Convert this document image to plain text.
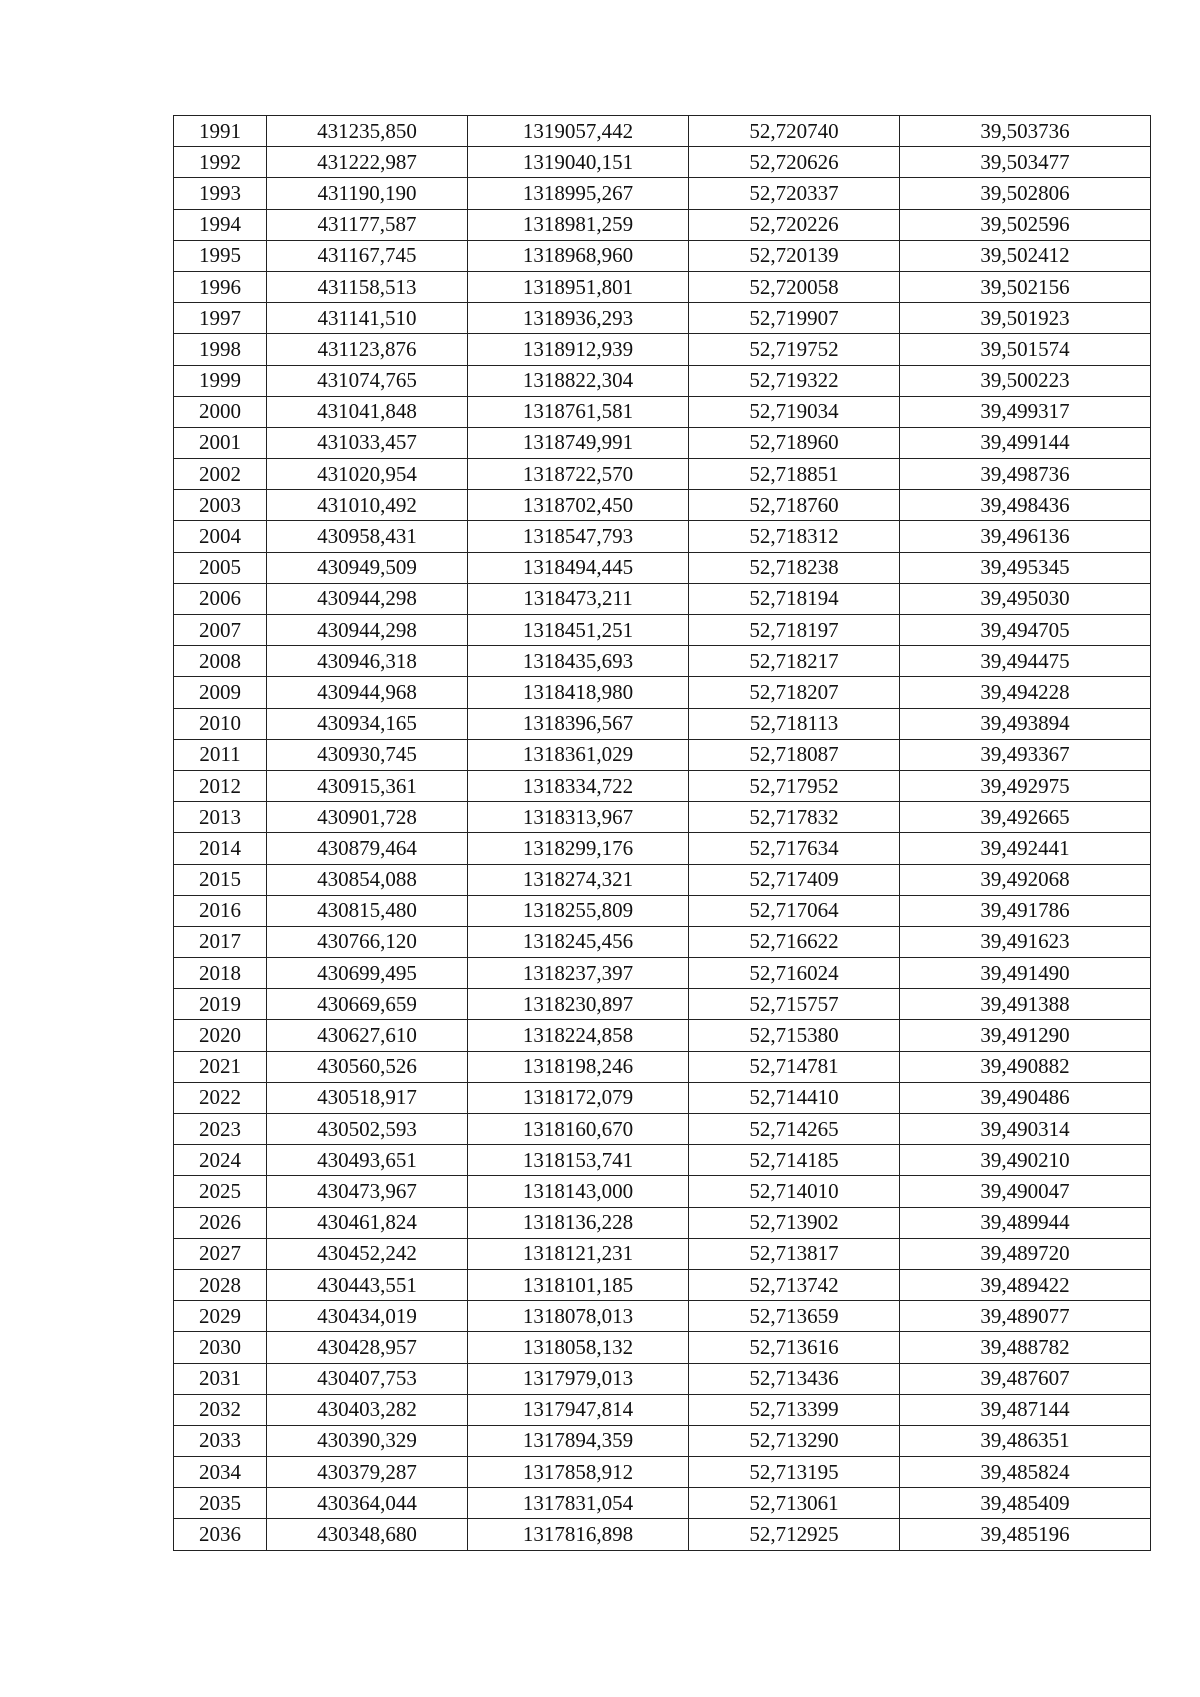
1991	431235,850	1319057,442	52,720740	39,503736
1992	431222,987	1319040,151	52,720626	39,503477
1993	431190,190	1318995,267	52,720337	39,502806
1994	431177,587	1318981,259	52,720226	39,502596
1995	431167,745	1318968,960	52,720139	39,502412
1996	431158,513	1318951,801	52,720058	39,502156
1997	431141,510	1318936,293	52,719907	39,501923
1998	431123,876	1318912,939	52,719752	39,501574
1999	431074,765	1318822,304	52,719322	39,500223
2000	431041,848	1318761,581	52,719034	39,499317
2001	431033,457	1318749,991	52,718960	39,499144
2002	431020,954	1318722,570	52,718851	39,498736
2003	431010,492	1318702,450	52,718760	39,498436
2004	430958,431	1318547,793	52,718312	39,496136
2005	430949,509	1318494,445	52,718238	39,495345
2006	430944,298	1318473,211	52,718194	39,495030
2007	430944,298	1318451,251	52,718197	39,494705
2008	430946,318	1318435,693	52,718217	39,494475
2009	430944,968	1318418,980	52,718207	39,494228
2010	430934,165	1318396,567	52,718113	39,493894
2011	430930,745	1318361,029	52,718087	39,493367
2012	430915,361	1318334,722	52,717952	39,492975
2013	430901,728	1318313,967	52,717832	39,492665
2014	430879,464	1318299,176	52,717634	39,492441
2015	430854,088	1318274,321	52,717409	39,492068
2016	430815,480	1318255,809	52,717064	39,491786
2017	430766,120	1318245,456	52,716622	39,491623
2018	430699,495	1318237,397	52,716024	39,491490
2019	430669,659	1318230,897	52,715757	39,491388
2020	430627,610	1318224,858	52,715380	39,491290
2021	430560,526	1318198,246	52,714781	39,490882
2022	430518,917	1318172,079	52,714410	39,490486
2023	430502,593	1318160,670	52,714265	39,490314
2024	430493,651	1318153,741	52,714185	39,490210
2025	430473,967	1318143,000	52,714010	39,490047
2026	430461,824	1318136,228	52,713902	39,489944
2027	430452,242	1318121,231	52,713817	39,489720
2028	430443,551	1318101,185	52,713742	39,489422
2029	430434,019	1318078,013	52,713659	39,489077
2030	430428,957	1318058,132	52,713616	39,488782
2031	430407,753	1317979,013	52,713436	39,487607
2032	430403,282	1317947,814	52,713399	39,487144
2033	430390,329	1317894,359	52,713290	39,486351
2034	430379,287	1317858,912	52,713195	39,485824
2035	430364,044	1317831,054	52,713061	39,485409
2036	430348,680	1317816,898	52,712925	39,485196
